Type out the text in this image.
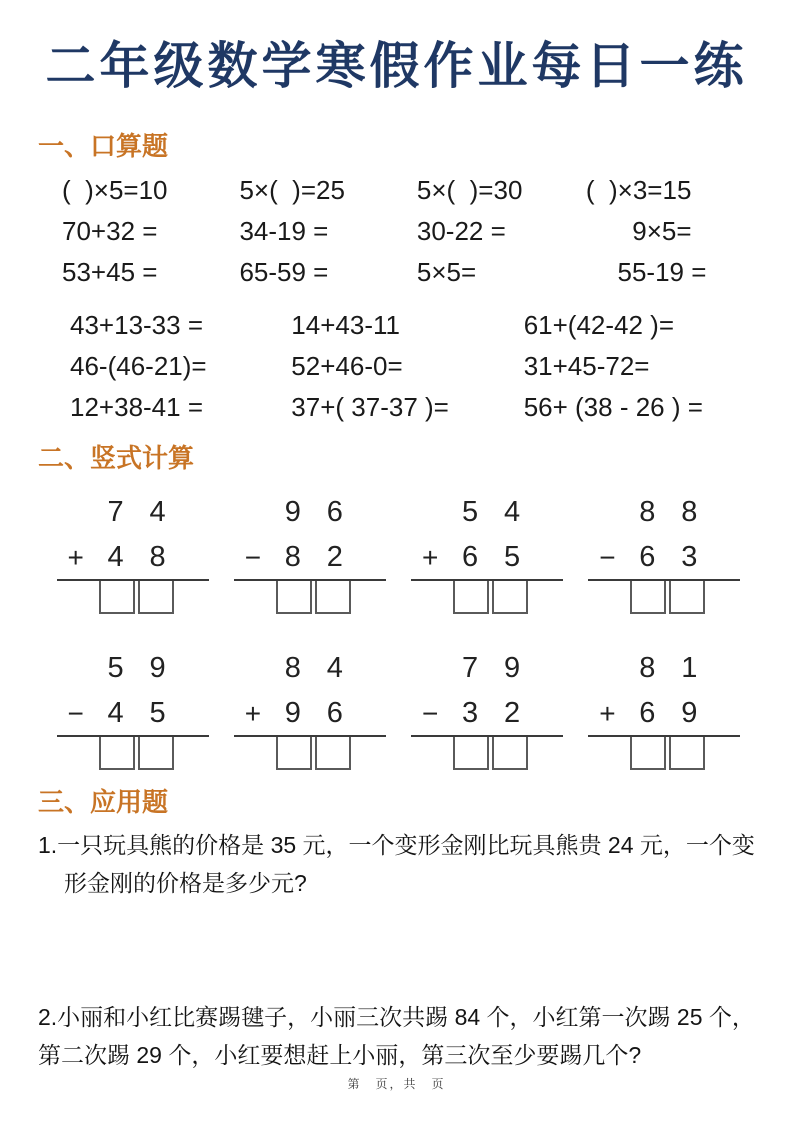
二年级数学寒假作业每日一练
一、口算题
(  )×5=10	5×(  )=25	5×(  )=30	(  )×3=15
70+32 =	34-19 =	30-22 =	9×5=
53+45 =	65-59 =	5×5=	55-19 =
43+13-33 =	14+43-11	61+(42-42 )=
46-(46-21)=	52+46-0=	31+45-72=
12+38-41 =	37+( 37-37 )=	56+ (38 - 26 ) =
二、竖式计算
7 4
+ 4 8
9 6
− 8 2
5 4
+ 6 5
8 8
− 6 3
5 9
− 4 5
8 4
+ 9 6
7 9
− 3 2
8 1
+ 6 9
三、应用题

1.一只玩具熊的价格是 35 元，一个变形金刚比玩具熊贵 24 元，一个变形金刚的价格是多少元?

2.小丽和小红比赛踢毽子，小丽三次共踢 84 个，小红第一次踢 25 个，第二次踢 29 个，小红要想赶上小丽，第三次至少要踢几个?

第　页，共　页
